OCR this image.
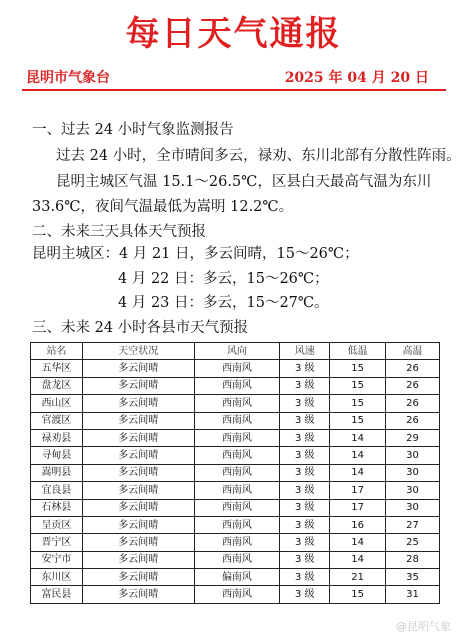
每日天气通报
昆明市气象台	2025 年 04 月 20 日
一、过去 24 小时气象监测报告
过去 24 小时，全市晴间多云，禄劝、东川北部有分散性阵雨。
昆明主城区气温 15.1～26.5℃，区县白天最高气温为东川
33.6℃，夜间气温最低为嵩明 12.2℃。
二、未来三天具体天气预报
昆明主城区：4 月 21 日，多云间晴，15～26℃；
4 月 22 日：多云，15～26℃；
4 月 23 日：多云，15～27℃。
三、未来 24 小时各县市天气预报
站名	天空状况	风向	风速	低温	高温
五华区	多云间晴	西南风	3 级	15	26
盘龙区	多云间晴	西南风	3 级	15	26
西山区	多云间晴	西南风	3 级	15	26
官渡区	多云间晴	西南风	3 级	15	26
禄劝县	多云间晴	西南风	3 级	14	29
寻甸县	多云间晴	西南风	3 级	14	30
嵩明县	多云间晴	西南风	3 级	14	30
宜良县	多云间晴	西南风	3 级	17	30
石林县	多云间晴	西南风	3 级	17	30
呈贡区	多云间晴	西南风	3 级	16	27
晋宁区	多云间晴	西南风	3 级	14	25
安宁市	多云间晴	西南风	3 级	14	28
东川区	多云间晴	偏南风	3 级	21	35
富民县	多云间晴	西南风	3 级	15	31
@昆明气象
